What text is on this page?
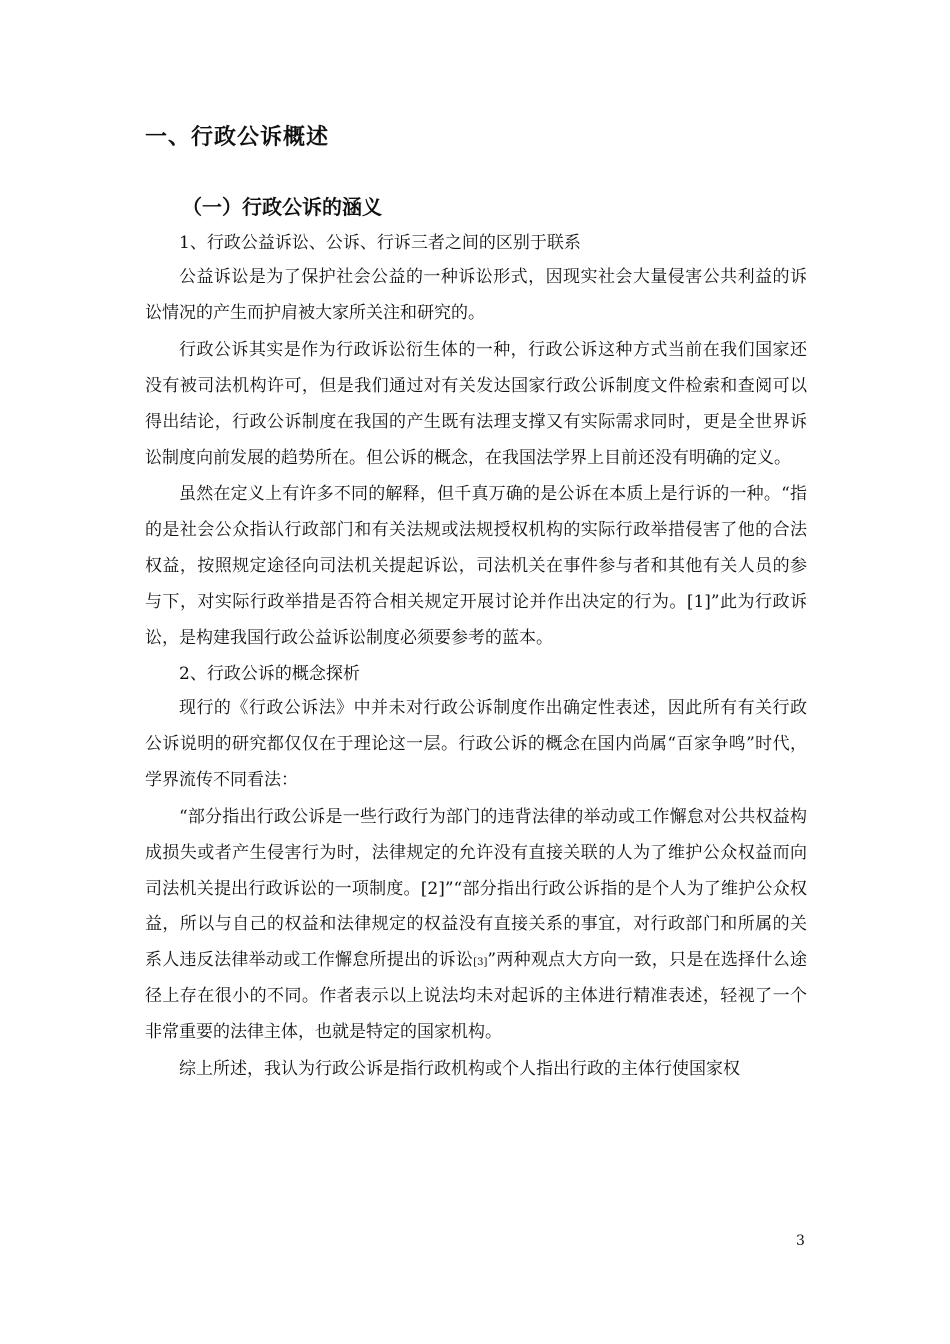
一、行政公诉概述
（一）行政公诉的涵义

1、行政公益诉讼、公诉、行诉三者之间的区别于联系

公益诉讼是为了保护社会公益的一种诉讼形式，因现实社会大量侵害公共利益的诉讼情况的产生而护肩被大家所关注和研究的。

行政公诉其实是作为行政诉讼衍生体的一种，行政公诉这种方式当前在我们国家还没有被司法机构许可，但是我们通过对有关发达国家行政公诉制度文件检索和查阅可以得出结论，行政公诉制度在我国的产生既有法理支撑又有实际需求同时，更是全世界诉讼制度向前发展的趋势所在。但公诉的概念，在我国法学界上目前还没有明确的定义。

虽然在定义上有许多不同的解释，但千真万确的是公诉在本质上是行诉的一种。“指的是社会公众指认行政部门和有关法规或法规授权机构的实际行政举措侵害了他的合法权益，按照规定途径向司法机关提起诉讼，司法机关在事件参与者和其他有关人员的参与下，对实际行政举措是否符合相关规定开展讨论并作出决定的行为。[1]”此为行政诉讼，是构建我国行政公益诉讼制度必须要参考的蓝本。

2、行政公诉的概念探析

现行的《行政公诉法》中并未对行政公诉制度作出确定性表述，因此所有有关行政公诉说明的研究都仅仅在于理论这一层。行政公诉的概念在国内尚属“百家争鸣”时代，学界流传不同看法：

“部分指出行政公诉是一些行政行为部门的违背法律的举动或工作懈怠对公共权益构成损失或者产生侵害行为时，法律规定的允许没有直接关联的人为了维护公众权益而向司法机关提出行政诉讼的一项制度。[2]”“部分指出行政公诉指的是个人为了维护公众权益，所以与自己的权益和法律规定的权益没有直接关系的事宜，对行政部门和所属的关系人违反法律举动或工作懈怠所提出的诉讼[3]”两种观点大方向一致，只是在选择什么途径上存在很小的不同。作者表示以上说法均未对起诉的主体进行精准表述，轻视了一个非常重要的法律主体，也就是特定的国家机构。

综上所述，我认为行政公诉是指行政机构或个人指出行政的主体行使国家权

3
